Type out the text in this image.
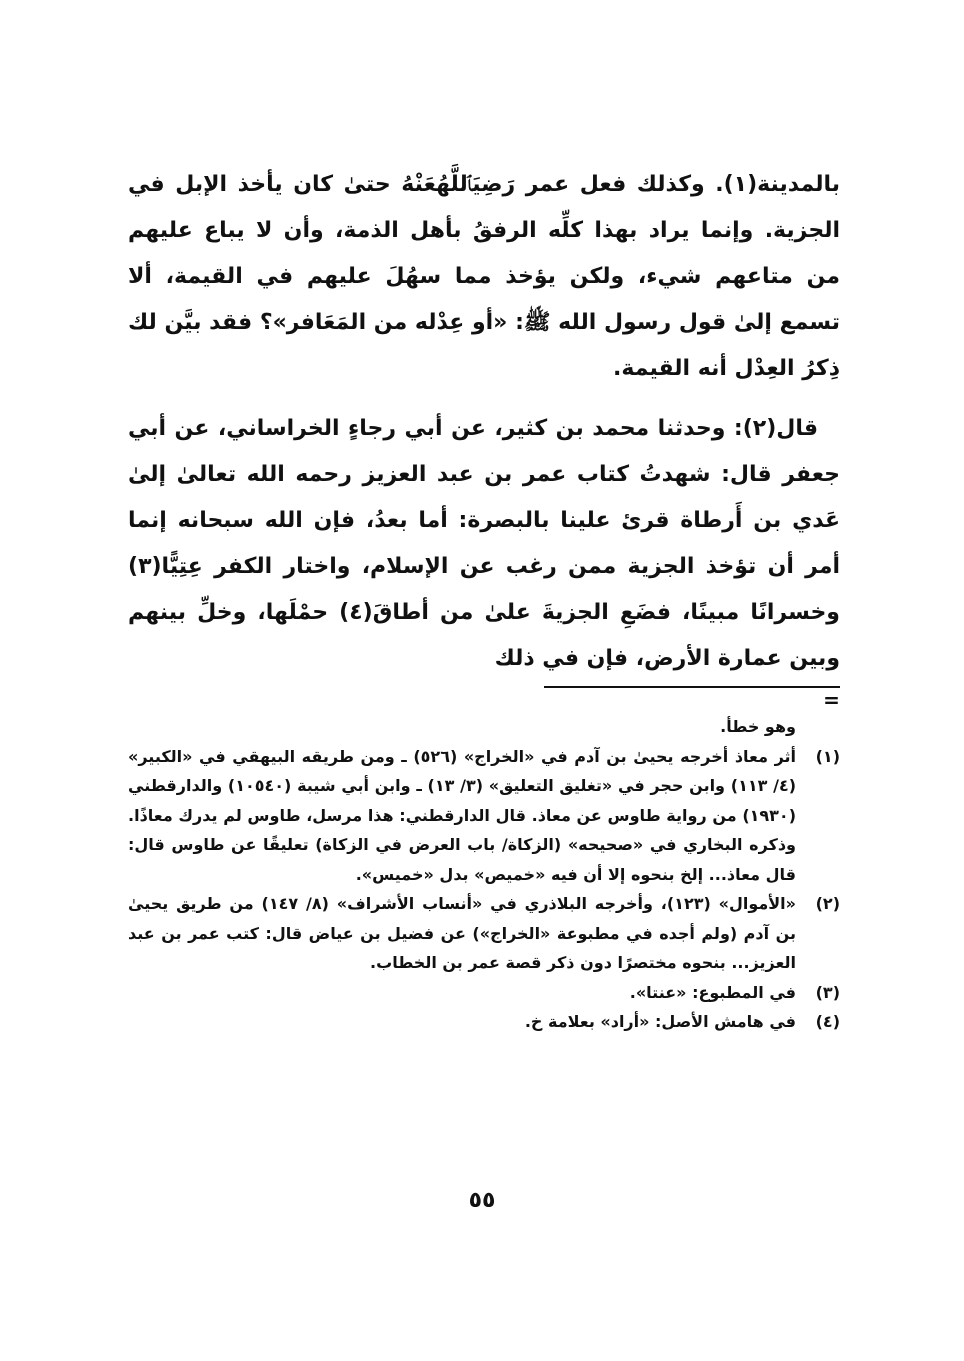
بالمدينة(١). وكذلك فعل عمر رَضِيَٱللَّهُعَنْهُ حتىٰ كان يأخذ الإبل في الجزية. وإنما يراد بهذا كلِّه الرفقُ بأهل الذمة، وأن لا يباع عليهم من متاعهم شيء، ولكن يؤخذ مما سهُلَ عليهم في القيمة، ألا تسمع إلىٰ قول رسول الله ﷺ: «أو عِدْله من المَعَافر»؟ فقد بيَّن لك ذِكرُ العِدْل أنه القيمة.

قال(٢): وحدثنا محمد بن كثير، عن أبي رجاءٍ الخراساني، عن أبي جعفر قال: شهدتُ كتاب عمر بن عبد العزيز رحمه الله تعالىٰ إلىٰ عَدي بن أَرطاة قرئ علينا بالبصرة: أما بعدُ، فإن الله سبحانه إنما أمر أن تؤخذ الجزية ممن رغب عن الإسلام، واختار الكفر عِتِيًّا(٣) وخسرانًا مبينًا، فضَعِ الجزيةَ علىٰ من أطاقَ(٤) حمْلَها، وخلِّ بينهم وبين عمارة الأرض، فإن في ذلك

=

وهو خطأ.

(١)
أثر معاذ أخرجه يحيىٰ بن آدم في «الخراج» (٥٢٦) ـ ومن طريقه البيهقي في «الكبير» (٤/ ١١٣) وابن حجر في «تغليق التعليق» (٣/ ١٣) ـ وابن أبي شيبة (١٠٥٤٠) والدارقطني (١٩٣٠) من رواية طاوس عن معاذ. قال الدارقطني: هذا مرسل، طاوس لم يدرك معاذًا. وذكره البخاري في «صحيحه» (الزكاة/ باب العرض في الزكاة) تعليقًا عن طاوس قال: قال معاذ... إلخ بنحوه إلا أن فيه «خميص» بدل «خميس».
(٢)
«الأموال» (١٢٣)، وأخرجه البلاذري في «أنساب الأشراف» (٨/ ١٤٧) من طريق يحيىٰ بن آدم (ولم أجده في مطبوعة «الخراج») عن فضيل بن عياض قال: كتب عمر بن عبد العزيز... بنحوه مختصرًا دون ذكر قصة عمر بن الخطاب.
(٣)
في المطبوع: «عنتا».
(٤)
في هامش الأصل: «أراد» بعلامة خ.
٥٥
